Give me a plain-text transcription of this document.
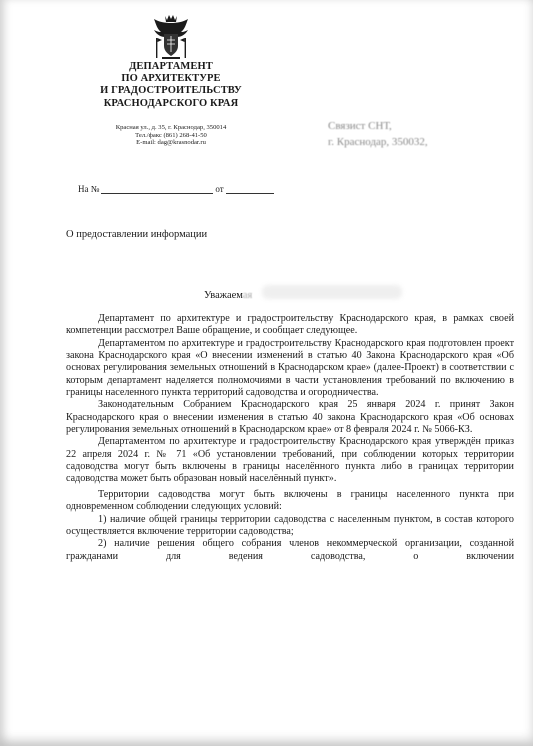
ДЕПАРТАМЕНТ
ПО АРХИТЕКТУРЕ
И ГРАДОСТРОИТЕЛЬСТВУ
КРАСНОДАРСКОГО КРАЯ
Красная ул., д. 35, г. Краснодар, 350014
Тел./факс (861) 268-41-50
E-mail: dag@krasnodar.ru
Связист СНТ,
г. Краснодар, 350032,
На №	от
О предоставлении информации
Уважаемая

Департамент по архитектуре и градостроительству Краснодарского края, в рамках своей компетенции рассмотрел Ваше обращение, и сообщает следующее.

Департаментом по архитектуре и градостроительству Краснодарского края подготовлен проект закона Краснодарского края «О внесении изменений в статью 40 Закона Краснодарского края «Об основах регулирования земельных отношений в Краснодарском крае» (далее-Проект) в соответствии с которым департамент наделяется полномочиями в части установления требований по включению в границы населенного пункта территорий садоводства и огородничества.

Законодательным Собранием Краснодарского края 25 января 2024 г. принят Закон Краснодарского края о внесении изменения в статью 40 закона Краснодарского края «Об основах регулирования земельных отношений в Краснодарском крае» от 8 февраля 2024 г. № 5066-КЗ.

Департаментом по архитектуре и градостроительству Краснодарского края утверждён приказ 22 апреля 2024 г. № 71 «Об установлении требований, при соблюдении которых территории садоводства могут быть включены в границы населённого пункта либо в границах территории садоводства может быть образован новый населённый пункт».

Территории садоводства могут быть включены в границы населенного пункта при одновременном соблюдении следующих условий:

1) наличие общей границы территории садоводства с населенным пунктом, в состав которого осуществляется включение территории садоводства;

2) наличие решения общего собрания членов некоммерческой организации, созданной гражданами для ведения садоводства, о включении
